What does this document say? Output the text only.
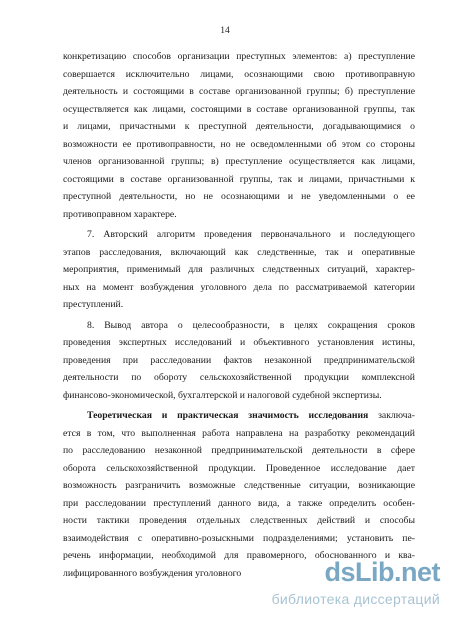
14

конкретизацию способов организации преступных элементов: а) преступление

совершается исключительно лицами, осознающими свою противоправную

деятельность и состоящими в составе организованной группы; б) преступление

осуществляется как лицами, состоящими в составе организованной группы, так

и лицами, причастными к преступной деятельности, догадывающимися о

возможности ее противоправности, но не осведомленными об этом со стороны

членов организованной группы; в) преступление осуществляется как лицами,

состоящими в составе организованной группы, так и лицами, причастными к

преступной деятельности, но не осознающими и не уведомленными о ее

противоправном характере.

7. Авторский алгоритм проведения первоначального и последующего

этапов расследования, включающий как следственные, так и оперативные

мероприятия, применимый для различных следственных ситуаций, характер-

ных на момент возбуждения уголовного дела по рассматриваемой категории

преступлений.

8. Вывод автора о целесообразности, в целях сокращения сроков

проведения экспертных исследований и объективного установления истины,

проведения при расследовании фактов незаконной предпринимательской

деятельности по обороту сельскохозяйственной продукции комплексной

финансово-экономической, бухгалтерской и налоговой судебной экспертизы.

Теоретическая и практическая значимость исследования заключа-

ется в том, что выполненная работа направлена на разработку рекомендаций

по расследованию незаконной предпринимательской деятельности в сфере

оборота сельскохозяйственной продукции. Проведенное исследование дает

возможность разграничить возможные следственные ситуации, возникающие

при расследовании преступлений данного вида, а также определить особен-

ности тактики проведения отдельных следственных действий и способы

взаимодействия с оперативно-розыскными подразделениями; установить пе-

речень информации, необходимой для правомерного, обоснованного и ква-

лифицированного возбуждения уголовного	dsLib.net
библиотека диссертаций
